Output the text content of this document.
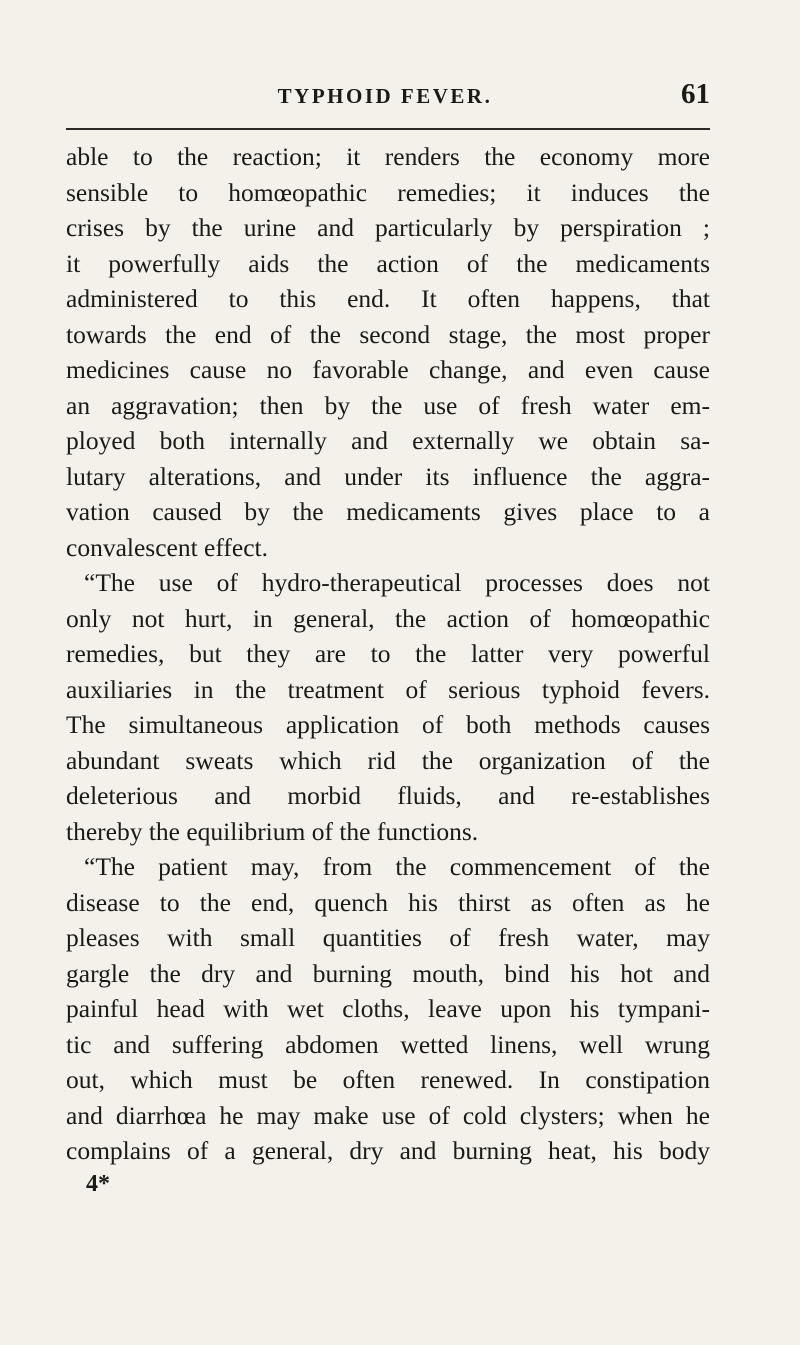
TYPHOID FEVER.	61
able to the reaction; it renders the economy more
sensible to homœopathic remedies; it induces the
crises by the urine and particularly by perspiration ;
it powerfully aids the action of the medicaments
administered to this end. It often happens, that
towards the end of the second stage, the most proper
medicines cause no favorable change, and even cause
an aggravation; then by the use of fresh water em-
ployed both internally and externally we obtain sa-
lutary alterations, and under its influence the aggra-
vation caused by the medicaments gives place to a
convalescent effect.
“The use of hydro-therapeutical processes does not
only not hurt, in general, the action of homœopathic
remedies, but they are to the latter very powerful
auxiliaries in the treatment of serious typhoid fevers.
The simultaneous application of both methods causes
abundant sweats which rid the organization of the
deleterious and morbid fluids, and re-establishes
thereby the equilibrium of the functions.
“The patient may, from the commencement of the
disease to the end, quench his thirst as often as he
pleases with small quantities of fresh water, may
gargle the dry and burning mouth, bind his hot and
painful head with wet cloths, leave upon his tympani-
tic and suffering abdomen wetted linens, well wrung
out, which must be often renewed. In constipation
and diarrhœa he may make use of cold clysters; when he
complains of a general, dry and burning heat, his body
4*
